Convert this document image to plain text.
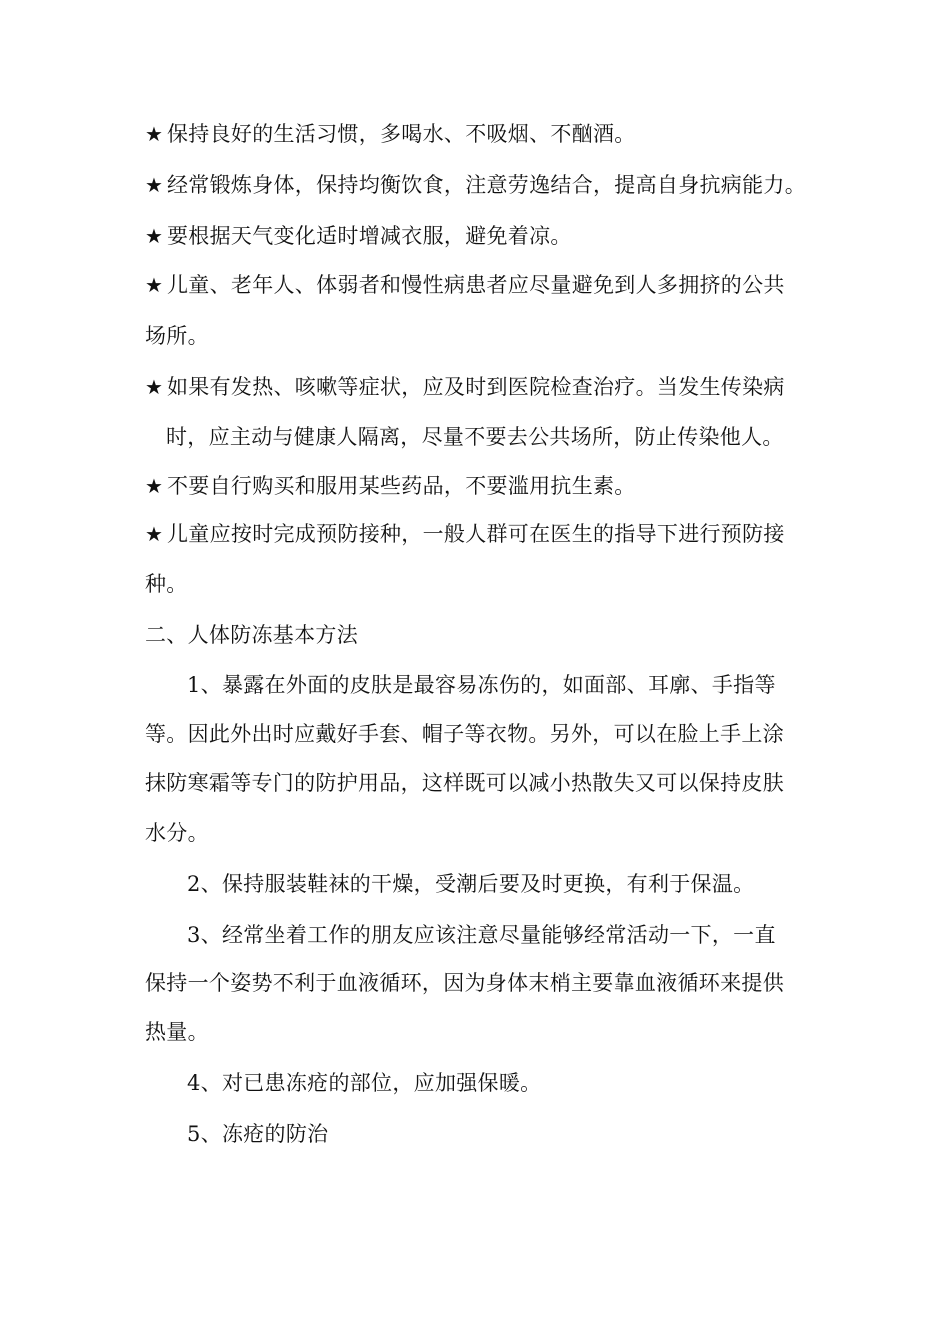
★ 保持良好的生活习惯，多喝水、不吸烟、不酗酒。
★ 经常锻炼身体，保持均衡饮食，注意劳逸结合，提高自身抗病能力。
★ 要根据天气变化适时增减衣服，避免着凉。
★ 儿童、老年人、体弱者和慢性病患者应尽量避免到人多拥挤的公共
场所。
★ 如果有发热、咳嗽等症状，应及时到医院检查治疗。当发生传染病
时，应主动与健康人隔离，尽量不要去公共场所，防止传染他人。
★ 不要自行购买和服用某些药品，不要滥用抗生素。
★ 儿童应按时完成预防接种，一般人群可在医生的指导下进行预防接
种。
二、人体防冻基本方法
1、暴露在外面的皮肤是最容易冻伤的，如面部、耳廓、手指等
等。因此外出时应戴好手套、帽子等衣物。另外，可以在脸上手上涂
抹防寒霜等专门的防护用品，这样既可以减小热散失又可以保持皮肤
水分。
2、保持服装鞋袜的干燥，受潮后要及时更换，有利于保温。
3、经常坐着工作的朋友应该注意尽量能够经常活动一下，一直
保持一个姿势不利于血液循环，因为身体末梢主要靠血液循环来提供
热量。
4、对已患冻疮的部位，应加强保暖。
5、冻疮的防治
